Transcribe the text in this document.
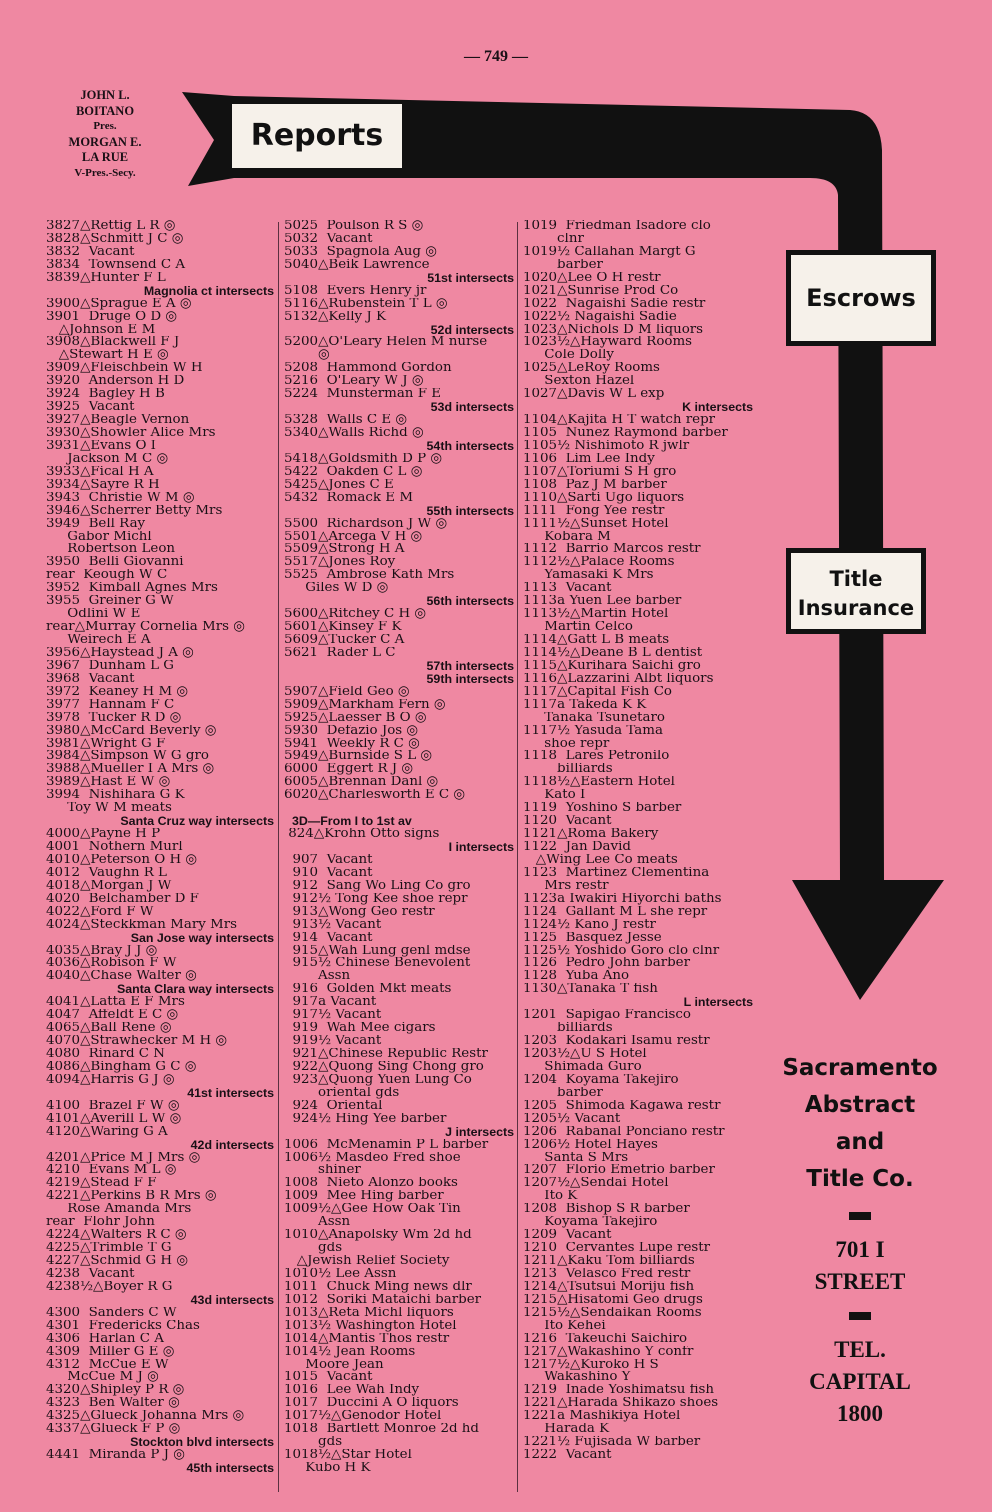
— 749 —
JOHN L.
BOITANO
Pres.
MORGAN E.
LA RUE
V-Pres.-Secy.
Reports
Escrows
Title
Insurance
Sacramento
Abstract
and
Title Co.
701 I
STREET
TEL.
CAPITAL
1800
3827△Rettig L R ◎
3828△Schmitt J C ◎
3832  Vacant
3834  Townsend C A
3839△Hunter F L
Magnolia ct intersects
3900△Sprague E A ◎
3901  Druge O D ◎
△Johnson E M
3908△Blackwell F J
△Stewart H E ◎
3909△Fleischbein W H
3920  Anderson H D
3924  Bagley H B
3925  Vacant
3927△Beagle Vernon
3930△Showler Alice Mrs
3931△Evans O I
Jackson M C ◎
3933△Fical H A
3934△Sayre R H
3943  Christie W M ◎
3946△Scherrer Betty Mrs
3949  Bell Ray
Gabor Michl
Robertson Leon
3950  Belli Giovanni
rear  Keough W C
3952  Kimball Agnes Mrs
3955  Greiner G W
Odlini W E
rear△Murray Cornelia Mrs ◎
Weirech E A
3956△Haystead J A ◎
3967  Dunham L G
3968  Vacant
3972  Keaney H M ◎
3977  Hannam F C
3978  Tucker R D ◎
3980△McCard Beverly ◎
3981△Wright G F
3984△Simpson W G gro
3988△Mueller I A Mrs ◎
3989△Hast E W ◎
3994  Nishihara G K
Toy W M meats
Santa Cruz way intersects
4000△Payne H P
4001  Nothern Murl
4010△Peterson O H ◎
4012  Vaughn R L
4018△Morgan J W
4020  Belchamber D F
4022△Ford F W
4024△Steckkman Mary Mrs
San Jose way intersects
4035△Bray J J ◎
4036△Robison F W
4040△Chase Walter ◎
Santa Clara way intersects
4041△Latta E F Mrs
4047  Affeldt E C ◎
4065△Ball Rene ◎
4070△Strawhecker M H ◎
4080  Rinard C N
4086△Bingham G C ◎
4094△Harris G J ◎
41st intersects
4100  Brazel F W ◎
4101△Averill L W ◎
4120△Waring G A
42d intersects
4201△Price M J Mrs ◎
4210  Evans M L ◎
4219△Stead F F
4221△Perkins B R Mrs ◎
Rose Amanda Mrs
rear  Flohr John
4224△Walters R C ◎
4225△Trimble T G
4227△Schmid G H ◎
4238  Vacant
4238½△Boyer R G
43d intersects
4300  Sanders C W
4301  Fredericks Chas
4306  Harlan C A
4309  Miller G E ◎
4312  McCue E W
McCue M J ◎
4320△Shipley P R ◎
4323  Ben Walter ◎
4325△Glueck Johanna Mrs ◎
4337△Glueck F P ◎
Stockton blvd intersects
4441  Miranda P J ◎
45th intersects
5025  Poulson R S ◎
5032  Vacant
5033  Spagnola Aug ◎
5040△Beik Lawrence
51st intersects
5108  Evers Henry jr
5116△Rubenstein T L ◎
5132△Kelly J K
52d intersects
5200△O'Leary Helen M nurse
◎
5208  Hammond Gordon
5216  O'Leary W J ◎
5224  Munsterman F E
53d intersects
5328  Walls C E ◎
5340△Walls Richd ◎
54th intersects
5418△Goldsmith D P ◎
5422  Oakden C L ◎
5425△Jones C E
5432  Romack E M
55th intersects
5500  Richardson J W ◎
5501△Arcega V H ◎
5509△Strong H A
5517△Jones Roy
5525  Ambrose Kath Mrs
Giles W D ◎
56th intersects
5600△Ritchey C H ◎
5601△Kinsey F K
5609△Tucker C A
5621  Rader L C
57th intersects
59th intersects
5907△Field Geo ◎
5909△Markham Fern ◎
5925△Laesser B O ◎
5930  Defazio Jos ◎
5941  Weekly R C ◎
5949△Burnside S L ◎
6000  Eggert R J ◎
6005△Brennan Danl ◎
6020△Charlesworth E C ◎
3D—From I to 1st av
824△Krohn Otto signs
I intersects
907  Vacant
910  Vacant
912  Sang Wo Ling Co gro
912½ Tong Kee shoe repr
913△Wong Geo restr
913½ Vacant
914  Vacant
915△Wah Lung genl mdse
915½ Chinese Benevolent
Assn
916  Golden Mkt meats
917a Vacant
917½ Vacant
919  Wah Mee cigars
919½ Vacant
921△Chinese Republic Restr
922△Quong Sing Chong gro
923△Quong Yuen Lung Co
oriental gds
924  Oriental
924½ Hing Yee barber
J intersects
1006  McMenamin P L barber
1006½ Masdeo Fred shoe
shiner
1008  Nieto Alonzo books
1009  Mee Hing barber
1009½△Gee How Oak Tin
Assn
1010△Anapolsky Wm 2d hd
gds
△Jewish Relief Society
1010½ Lee Assn
1011  Chuck Ming news dlr
1012  Soriki Mataichi barber
1013△Reta Michl liquors
1013½ Washington Hotel
1014△Mantis Thos restr
1014½ Jean Rooms
Moore Jean
1015  Vacant
1016  Lee Wah Indy
1017  Duccini A O liquors
1017½△Genodor Hotel
1018  Bartlett Monroe 2d hd
gds
1018½△Star Hotel
Kubo H K
1019  Friedman Isadore clo
clnr
1019½ Callahan Margt G
barber
1020△Lee O H restr
1021△Sunrise Prod Co
1022  Nagaishi Sadie restr
1022½ Nagaishi Sadie
1023△Nichols D M liquors
1023½△Hayward Rooms
Cole Dolly
1025△LeRoy Rooms
Sexton Hazel
1027△Davis W L exp
K intersects
1104△Kajita H T watch repr
1105  Nunez Raymond barber
1105½ Nishimoto R jwlr
1106  Lim Lee Indy
1107△Toriumi S H gro
1108  Paz J M barber
1110△Sarti Ugo liquors
1111  Fong Yee restr
1111½△Sunset Hotel
Kobara M
1112  Barrio Marcos restr
1112½△Palace Rooms
Yamasaki K Mrs
1113  Vacant
1113a Yuen Lee barber
1113½△Martin Hotel
Martin Celco
1114△Gatt L B meats
1114½△Deane B L dentist
1115△Kurihara Saichi gro
1116△Lazzarini Albt liquors
1117△Capital Fish Co
1117a Takeda K K
Tanaka Tsunetaro
1117½ Yasuda Tama
shoe repr
1118  Lares Petronilo
billiards
1118½△Eastern Hotel
Kato I
1119  Yoshino S barber
1120  Vacant
1121△Roma Bakery
1122  Jan David
△Wing Lee Co meats
1123  Martinez Clementina
Mrs restr
1123a Iwakiri Hiyorchi baths
1124  Gallant M L she repr
1124½ Kano J restr
1125  Basquez Jesse
1125½ Yoshido Goro clo clnr
1126  Pedro John barber
1128  Yuba Ano
1130△Tanaka T fish
L intersects
1201  Sapigao Francisco
billiards
1203  Kodakari Isamu restr
1203½△U S Hotel
Shimada Guro
1204  Koyama Takejiro
barber
1205  Shimoda Kagawa restr
1205½ Vacant
1206  Rabanal Ponciano restr
1206½ Hotel Hayes
Santa S Mrs
1207  Florio Emetrio barber
1207½△Sendai Hotel
Ito K
1208  Bishop S R barber
Koyama Takejiro
1209  Vacant
1210  Cervantes Lupe restr
1211△Kaku Tom billiards
1213  Velasco Fred restr
1214△Tsutsui Moriju fish
1215△Hisatomi Geo drugs
1215½△Sendaikan Rooms
Ito Kehei
1216  Takeuchi Saichiro
1217△Wakashino Y confr
1217½△Kuroko H S
Wakashino Y
1219  Inade Yoshimatsu fish
1221△Harada Shikazo shoes
1221a Mashikiya Hotel
Harada K
1221½ Fujisada W barber
1222  Vacant
